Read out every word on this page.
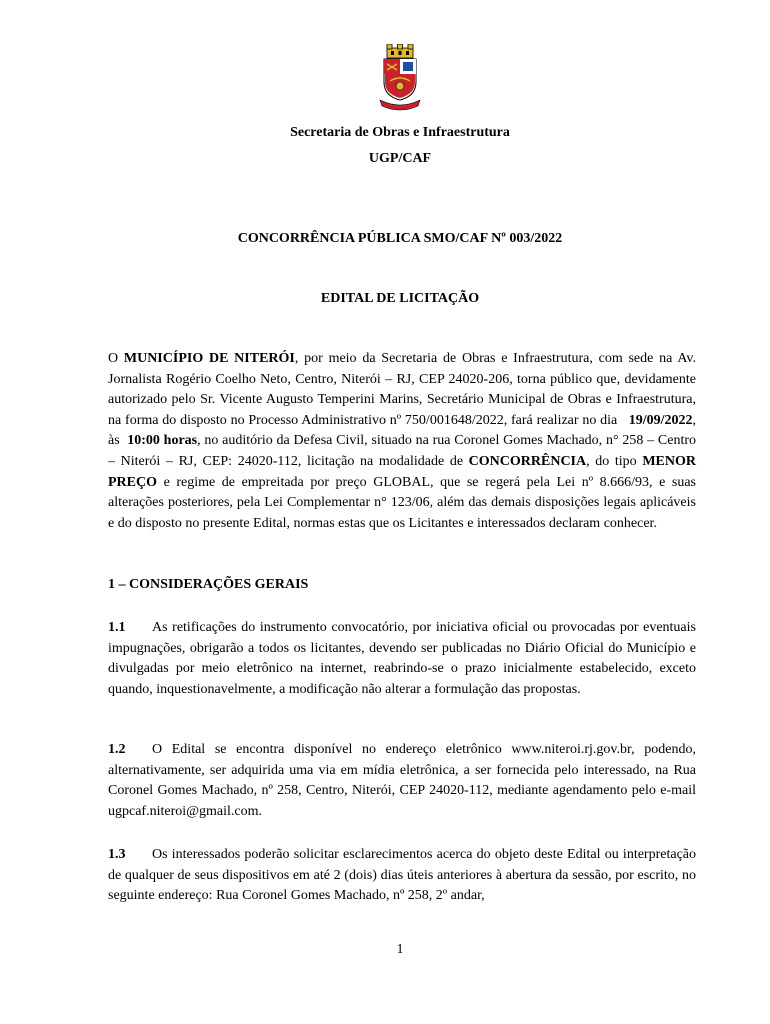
Secretaria de Obras e Infraestrutura
UGP/CAF
CONCORRÊNCIA PÚBLICA SMO/CAF Nº 003/2022
EDITAL DE LICITAÇÃO
O MUNICÍPIO DE NITERÓI, por meio da Secretaria de Obras e Infraestrutura, com sede na Av. Jornalista Rogério Coelho Neto, Centro, Niterói – RJ, CEP 24020-206, torna público que, devidamente autorizado pelo Sr. Vicente Augusto Temperini Marins, Secretário Municipal de Obras e Infraestrutura, na forma do disposto no Processo Administrativo nº 750/001648/2022, fará realizar no dia   19/09/2022, às  10:00 horas, no auditório da Defesa Civil, situado na rua Coronel Gomes Machado, n° 258 – Centro – Niterói – RJ, CEP: 24020-112, licitação na modalidade de CONCORRÊNCIA, do tipo MENOR PREÇO e regime de empreitada por preço GLOBAL, que se regerá pela Lei nº 8.666/93, e suas alterações posteriores, pela Lei Complementar n° 123/06, além das demais disposições legais aplicáveis e do disposto no presente Edital, normas estas que os Licitantes e interessados declaram conhecer.
1 – CONSIDERAÇÕES GERAIS
1.1 As retificações do instrumento convocatório, por iniciativa oficial ou provocadas por eventuais impugnações, obrigarão a todos os licitantes, devendo ser publicadas no Diário Oficial do Município e divulgadas por meio eletrônico na internet, reabrindo-se o prazo inicialmente estabelecido, exceto quando, inquestionavelmente, a modificação não alterar a formulação das propostas.
1.2 O Edital se encontra disponível no endereço eletrônico www.niteroi.rj.gov.br, podendo, alternativamente, ser adquirida uma via em mídia eletrônica, a ser fornecida pelo interessado, na Rua Coronel Gomes Machado, nº 258, Centro, Niterói, CEP 24020-112, mediante agendamento pelo e-mail ugpcaf.niteroi@gmail.com.
1.3 Os interessados poderão solicitar esclarecimentos acerca do objeto deste Edital ou interpretação de qualquer de seus dispositivos em até 2 (dois) dias úteis anteriores à abertura da sessão, por escrito, no seguinte endereço: Rua Coronel Gomes Machado, nº 258, 2º andar,
1
